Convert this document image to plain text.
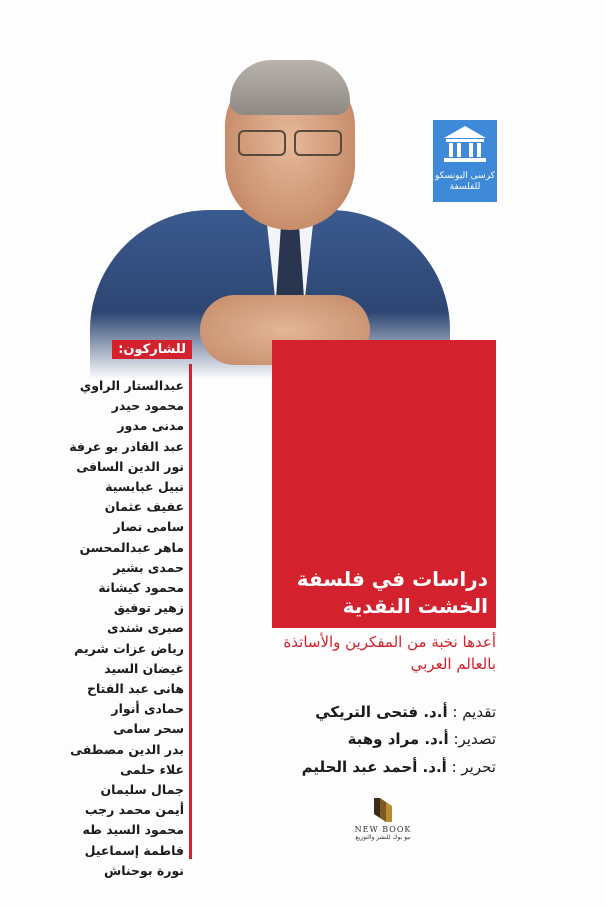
كرسى اليونسكو
للفلسفة
دراسات في فلسفة
الخشت النقدية
للشاركون:
عبدالستار الراوي
محمود حيدر
مدنى مدور
عبد القادر بو عرفة
نور الدين السافى
نبيل عبابسية
عفيف عثمان
سامى نصار
ماهر عبدالمحسن
حمدى بشير
محمود كيشانة
زهير توفيق
صبرى شندى
رياض عزات شريم
غيضان السيد
هانى عبد الفتاح
حمادى أنوار
سحر سامى
بدر الدين مصطفى
علاء حلمى
جمال سليمان
أيمن محمد رجب
محمود السيد طه
فاطمة إسماعيل
نورة بوحناش
أعدها نخبة من المفكرين والأساتذة
بالعالم العربي
تقديم : أ.د. فتحى التريكي
تصدير: أ.د. مراد وهبة
تحرير : أ.د. أحمد عبد الحليم
NEW BOOK
نيو بوك للنشر والتوزيع
